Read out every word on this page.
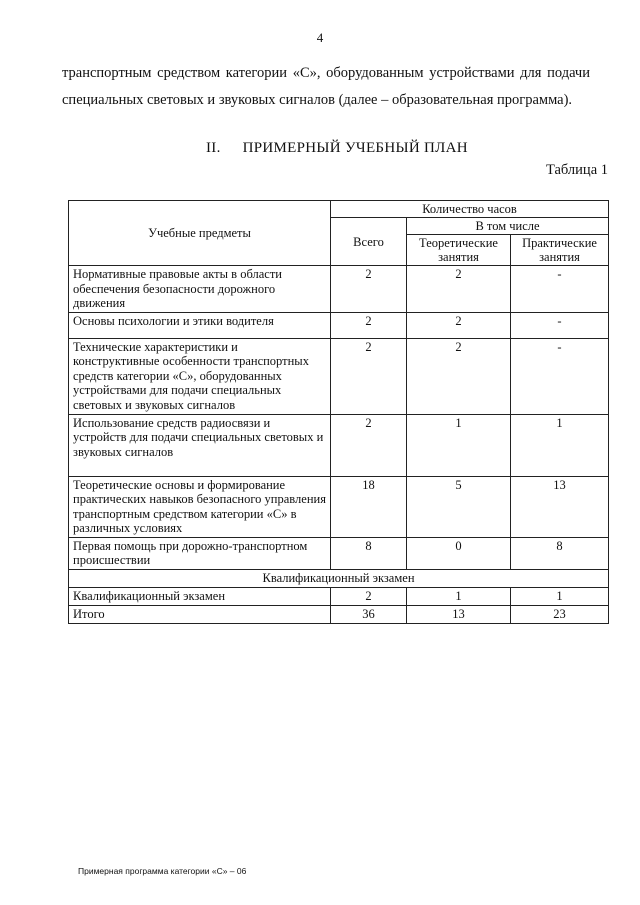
4

транспортным средством категории «С», оборудованным устройствами для подачи специальных световых и звуковых сигналов (далее – образовательная программа).

II. ПРИМЕРНЫЙ УЧЕБНЫЙ ПЛАН
Таблица 1
Учебные предметы	Количество часов		
	Всего	В том числе	
		Теоретические занятия	Практические занятия
Нормативные правовые акты в области обеспечения безопасности дорожного движения	2	2	-
Основы психологии и этики водителя	2	2	-
Технические характеристики и конструктивные особенности транспортных средств категории «С», оборудованных устройствами для подачи специальных световых и звуковых сигналов	2	2	-
Использование средств радиосвязи и устройств для подачи специальных световых и звуковых сигналов	2	1	1
Теоретические основы и формирование практических навыков безопасного управления транспортным средством категории «С» в различных условиях	18	5	13
Первая помощь при дорожно-транспортном происшествии	8	0	8
Квалификационный экзамен			
Квалификационный экзамен	2	1	1
Итого	36	13	23
Примерная программа категории «С» – 06
